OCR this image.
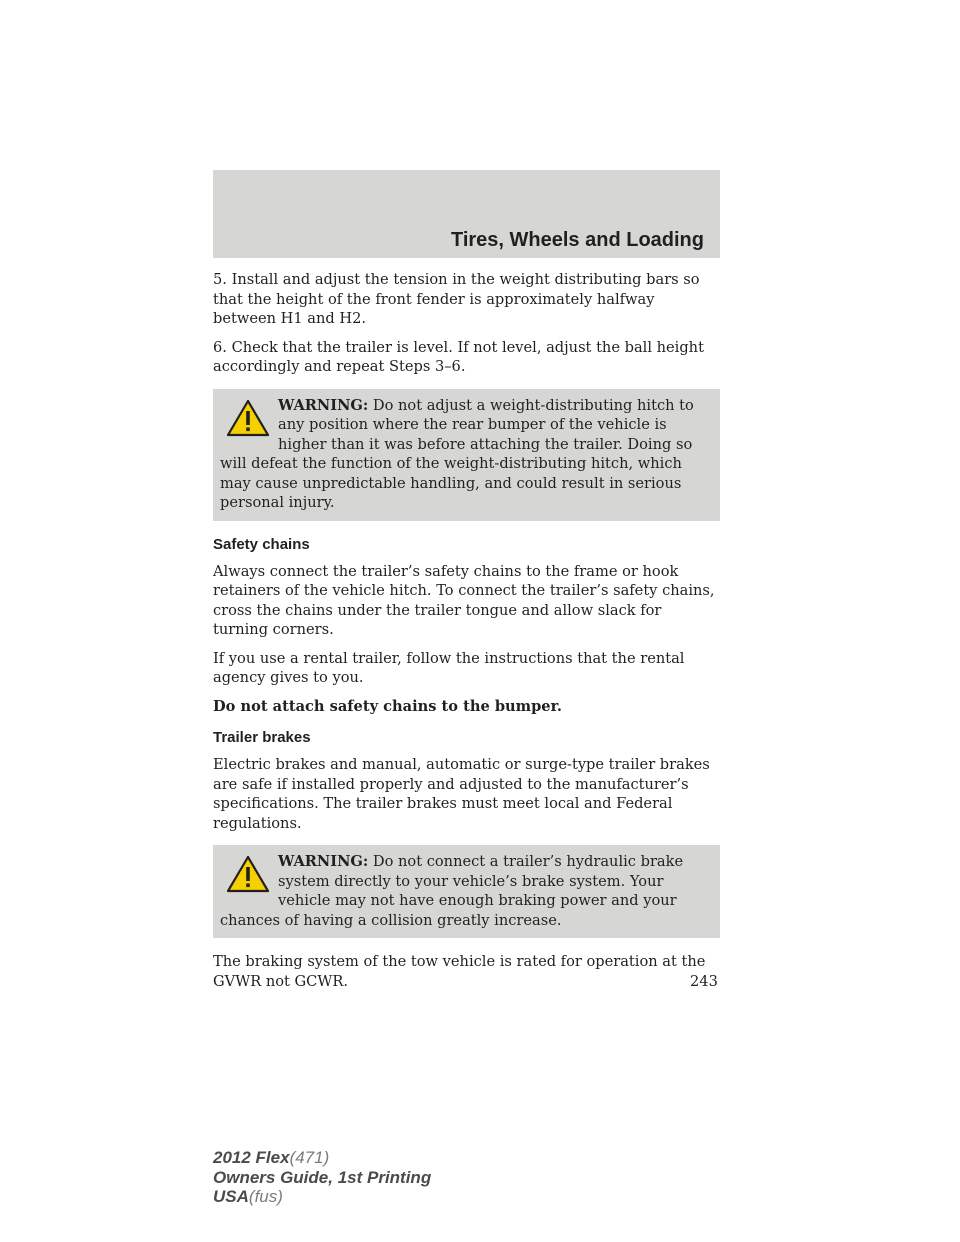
Tires, Wheels and Loading

5. Install and adjust the tension in the weight distributing bars so that the height of the front fender is approximately halfway between H1 and H2.

6. Check that the trailer is level. If not level, adjust the ball height accordingly and repeat Steps 3–6.

WARNING: Do not adjust a weight-distributing hitch to any position where the rear bumper of the vehicle is higher than it was before attaching the trailer. Doing so will defeat the function of the weight-distributing hitch, which may cause unpredictable handling, and could result in serious personal injury.
Safety chains

Always connect the trailer’s safety chains to the frame or hook retainers of the vehicle hitch. To connect the trailer’s safety chains, cross the chains under the trailer tongue and allow slack for turning corners.

If you use a rental trailer, follow the instructions that the rental agency gives to you.

Do not attach safety chains to the bumper.

Trailer brakes

Electric brakes and manual, automatic or surge-type trailer brakes are safe if installed properly and adjusted to the manufacturer’s specifications. The trailer brakes must meet local and Federal regulations.

WARNING: Do not connect a trailer’s hydraulic brake system directly to your vehicle’s brake system. Your vehicle may not have enough braking power and your chances of having a collision greatly increase.

The braking system of the tow vehicle is rated for operation at the GVWR not GCWR.	243
2012 Flex(471)
Owners Guide, 1st Printing
USA(fus)
